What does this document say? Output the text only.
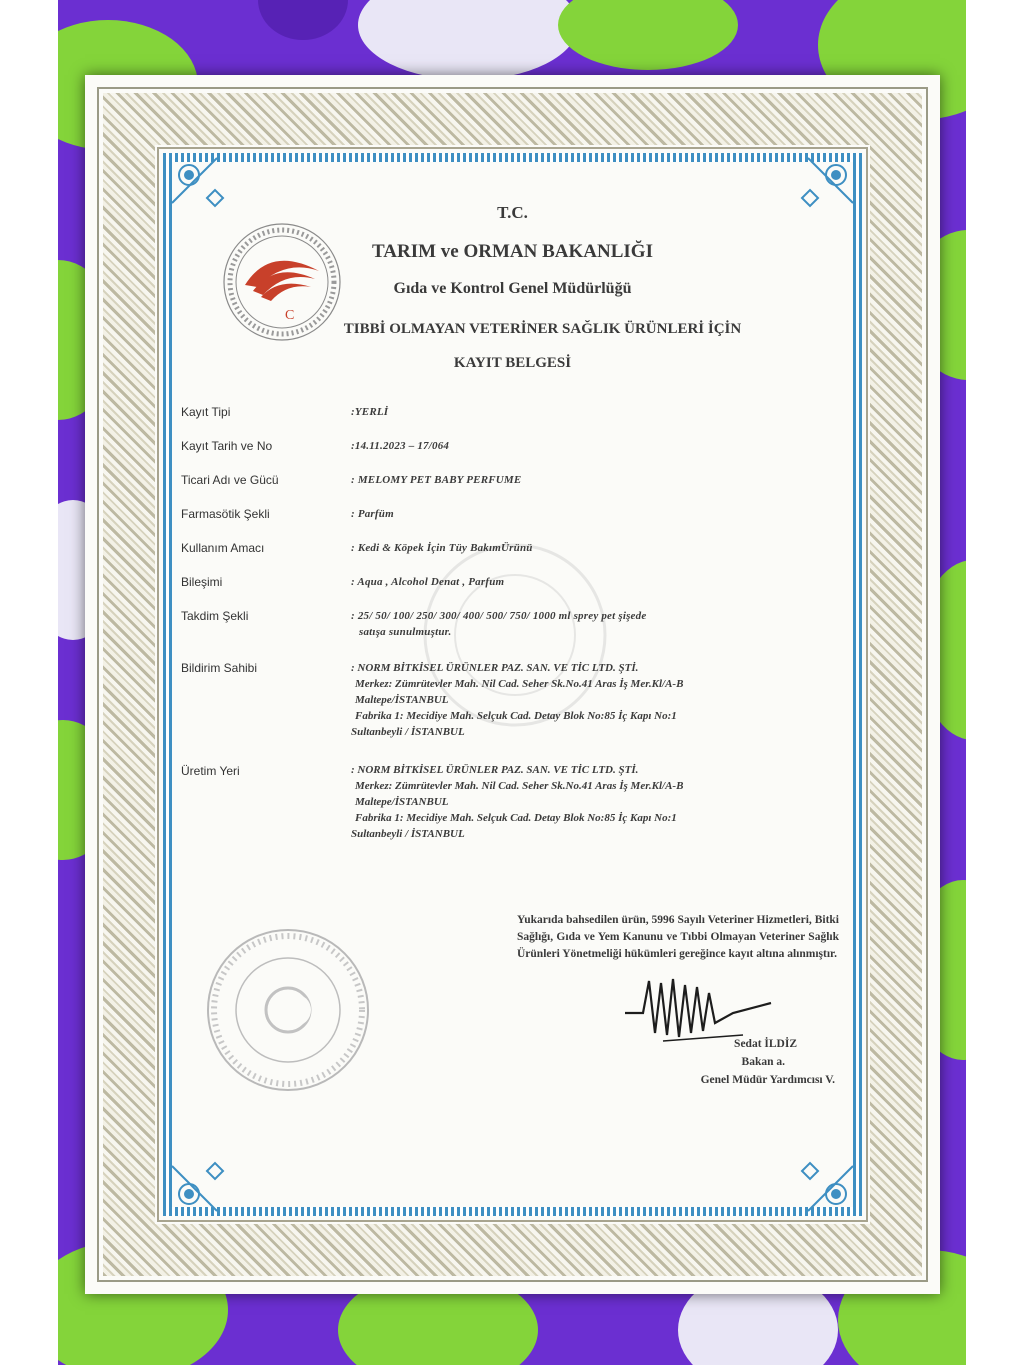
C
T.C.
TARIM ve ORMAN BAKANLIĞI
Gıda ve Kontrol Genel Müdürlüğü
TIBBİ OLMAYAN VETERİNER SAĞLIK ÜRÜNLERİ İÇİN
KAYIT BELGESİ
Kayıt Tipi	:YERLİ
Kayıt Tarih ve No	:14.11.2023 – 17/064
Ticari Adı ve Gücü	: MELOMY PET BABY PERFUME
Farmasötik Şekli	: Parfüm
Kullanım Amacı	: Kedi & Köpek İçin Tüy BakımÜrünü
Bileşimi	: Aqua , Alcohol Denat , Parfum
Takdim Şekli	: 25/ 50/ 100/ 250/ 300/ 400/ 500/ 750/ 1000 ml sprey pet şişede
satışa sunulmuştur.
Bildirim Sahibi	: NORM BİTKİSEL ÜRÜNLER PAZ. SAN. VE TİC LTD. ŞTİ.
Merkez: Zümrütevler Mah. Nil Cad. Seher Sk.No.41 Aras İş Mer.Kl/A-B
Maltepe/İSTANBUL
Fabrika 1: Mecidiye Mah. Selçuk Cad. Detay Blok No:85 İç Kapı No:1
Sultanbeyli / İSTANBUL
Üretim Yeri	: NORM BİTKİSEL ÜRÜNLER PAZ. SAN. VE TİC LTD. ŞTİ.
Merkez: Zümrütevler Mah. Nil Cad. Seher Sk.No.41 Aras İş Mer.Kl/A-B
Maltepe/İSTANBUL
Fabrika 1: Mecidiye Mah. Selçuk Cad. Detay Blok No:85 İç Kapı No:1
Sultanbeyli / İSTANBUL
Yukarıda bahsedilen ürün, 5996 Sayılı Veteriner Hizmetleri, Bitki Sağlığı, Gıda ve Yem Kanunu ve Tıbbi Olmayan Veteriner Sağlık Ürünleri Yönetmeliği hükümleri gereğince kayıt altına alınmıştır.
Sedat İLDİZ
Bakan a.
Genel Müdür Yardımcısı V.
